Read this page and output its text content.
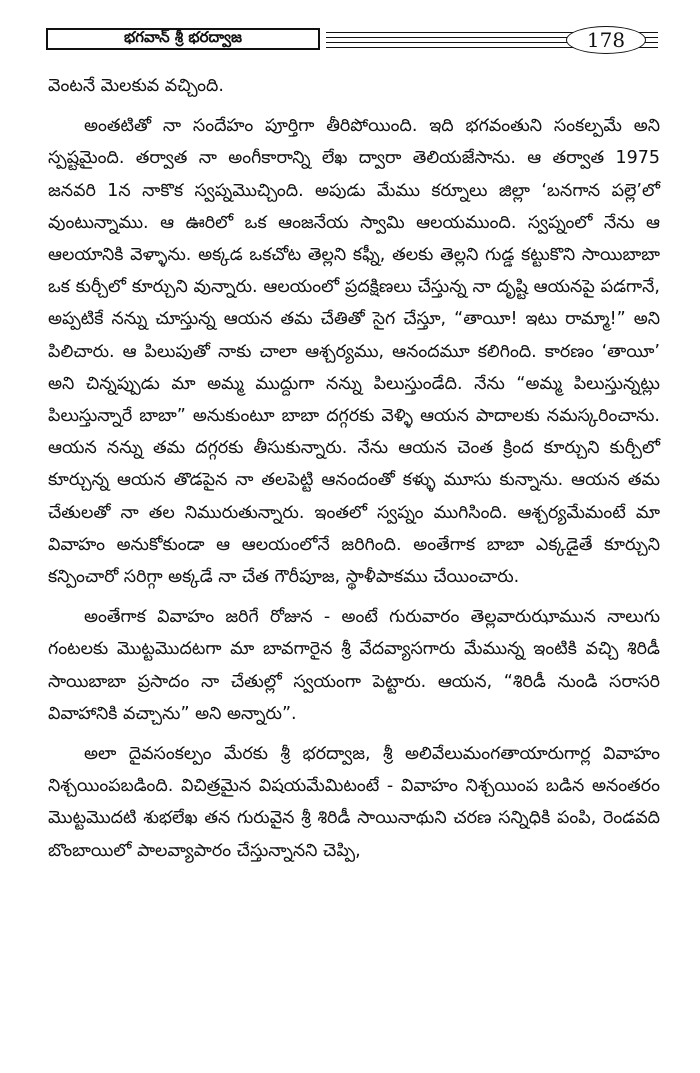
భగవాన్ శ్రీ భరద్వాజ	178

వెంటనే మెలకువ వచ్చింది.

అంతటితో నా సందేహం పూర్తిగా తీరిపోయింది. ఇది భగవంతుని సంకల్పమే అని స్పష్టమైంది. తర్వాత నా అంగీకారాన్ని లేఖ ద్వారా తెలియజేసాను. ఆ తర్వాత 1975 జనవరి 1న నాకొక స్వప్నమొచ్చింది. అపుడు మేము కర్నూలు జిల్లా ‘బనగాన పల్లె’లో వుంటున్నాము. ఆ ఊరిలో ఒక ఆంజనేయ స్వామి ఆలయముంది. స్వప్నంలో నేను ఆ ఆలయానికి వెళ్ళాను. అక్కడ ఒకచోట తెల్లని కఫ్నీ, తలకు తెల్లని గుడ్డ కట్టుకొని సాయిబాబా ఒక కుర్చీలో కూర్చుని వున్నారు. ఆలయంలో ప్రదక్షిణలు చేస్తున్న నా దృష్టి ఆయనపై పడగానే, అప్పటికే నన్ను చూస్తున్న ఆయన తమ చేతితో సైగ చేస్తూ, “తాయీ! ఇటు రామ్మా!” అని పిలిచారు. ఆ పిలుపుతో నాకు చాలా ఆశ్చర్యము, ఆనందమూ కలిగింది. కారణం ‘తాయీ’ అని చిన్నప్పుడు మా అమ్మ ముద్దుగా నన్ను పిలుస్తుండేది. నేను “అమ్మ పిలుస్తున్నట్లు పిలుస్తున్నారే బాబా” అనుకుంటూ బాబా దగ్గరకు వెళ్ళి ఆయన పాదాలకు నమస్కరించాను. ఆయన నన్ను తమ దగ్గరకు తీసుకున్నారు. నేను ఆయన చెంత క్రింద కూర్చుని కుర్చీలో కూర్చున్న ఆయన తొడపైన నా తలపెట్టి ఆనందంతో కళ్ళు మూసు కున్నాను. ఆయన తమ చేతులతో నా తల నిమురుతున్నారు. ఇంతలో స్వప్నం ముగిసింది. ఆశ్చర్యమేమంటే మా వివాహం అనుకోకుండా ఆ ఆలయంలోనే జరిగింది. అంతేగాక బాబా ఎక్కడైతే కూర్చుని కన్పించారో సరిగ్గా అక్కడే నా చేత గౌరీపూజ, స్థాళీపాకము చేయించారు.

అంతేగాక వివాహం జరిగే రోజున - అంటే గురువారం తెల్లవారుఝామున నాలుగు గంటలకు మొట్టమొదటగా మా బావగారైన శ్రీ వేదవ్యాసగారు మేమున్న ఇంటికి వచ్చి శిరిడీ సాయిబాబా ప్రసాదం నా చేతుల్లో స్వయంగా పెట్టారు. ఆయన, “శిరిడీ నుండి సరాసరి వివాహానికి వచ్చాను” అని అన్నారు”.

అలా దైవసంకల్పం మేరకు శ్రీ భరద్వాజ, శ్రీ అలివేలుమంగతాయారుగార్ల వివాహం నిశ్చయింపబడింది. విచిత్రమైన విషయమేమిటంటే - వివాహం నిశ్చయింప బడిన అనంతరం మొట్టమొదటి శుభలేఖ తన గురువైన శ్రీ శిరిడీ సాయినాథుని చరణ సన్నిధికి పంపి, రెండవది బొంబాయిలో పాలవ్యాపారం చేస్తున్నానని చెప్పి,
